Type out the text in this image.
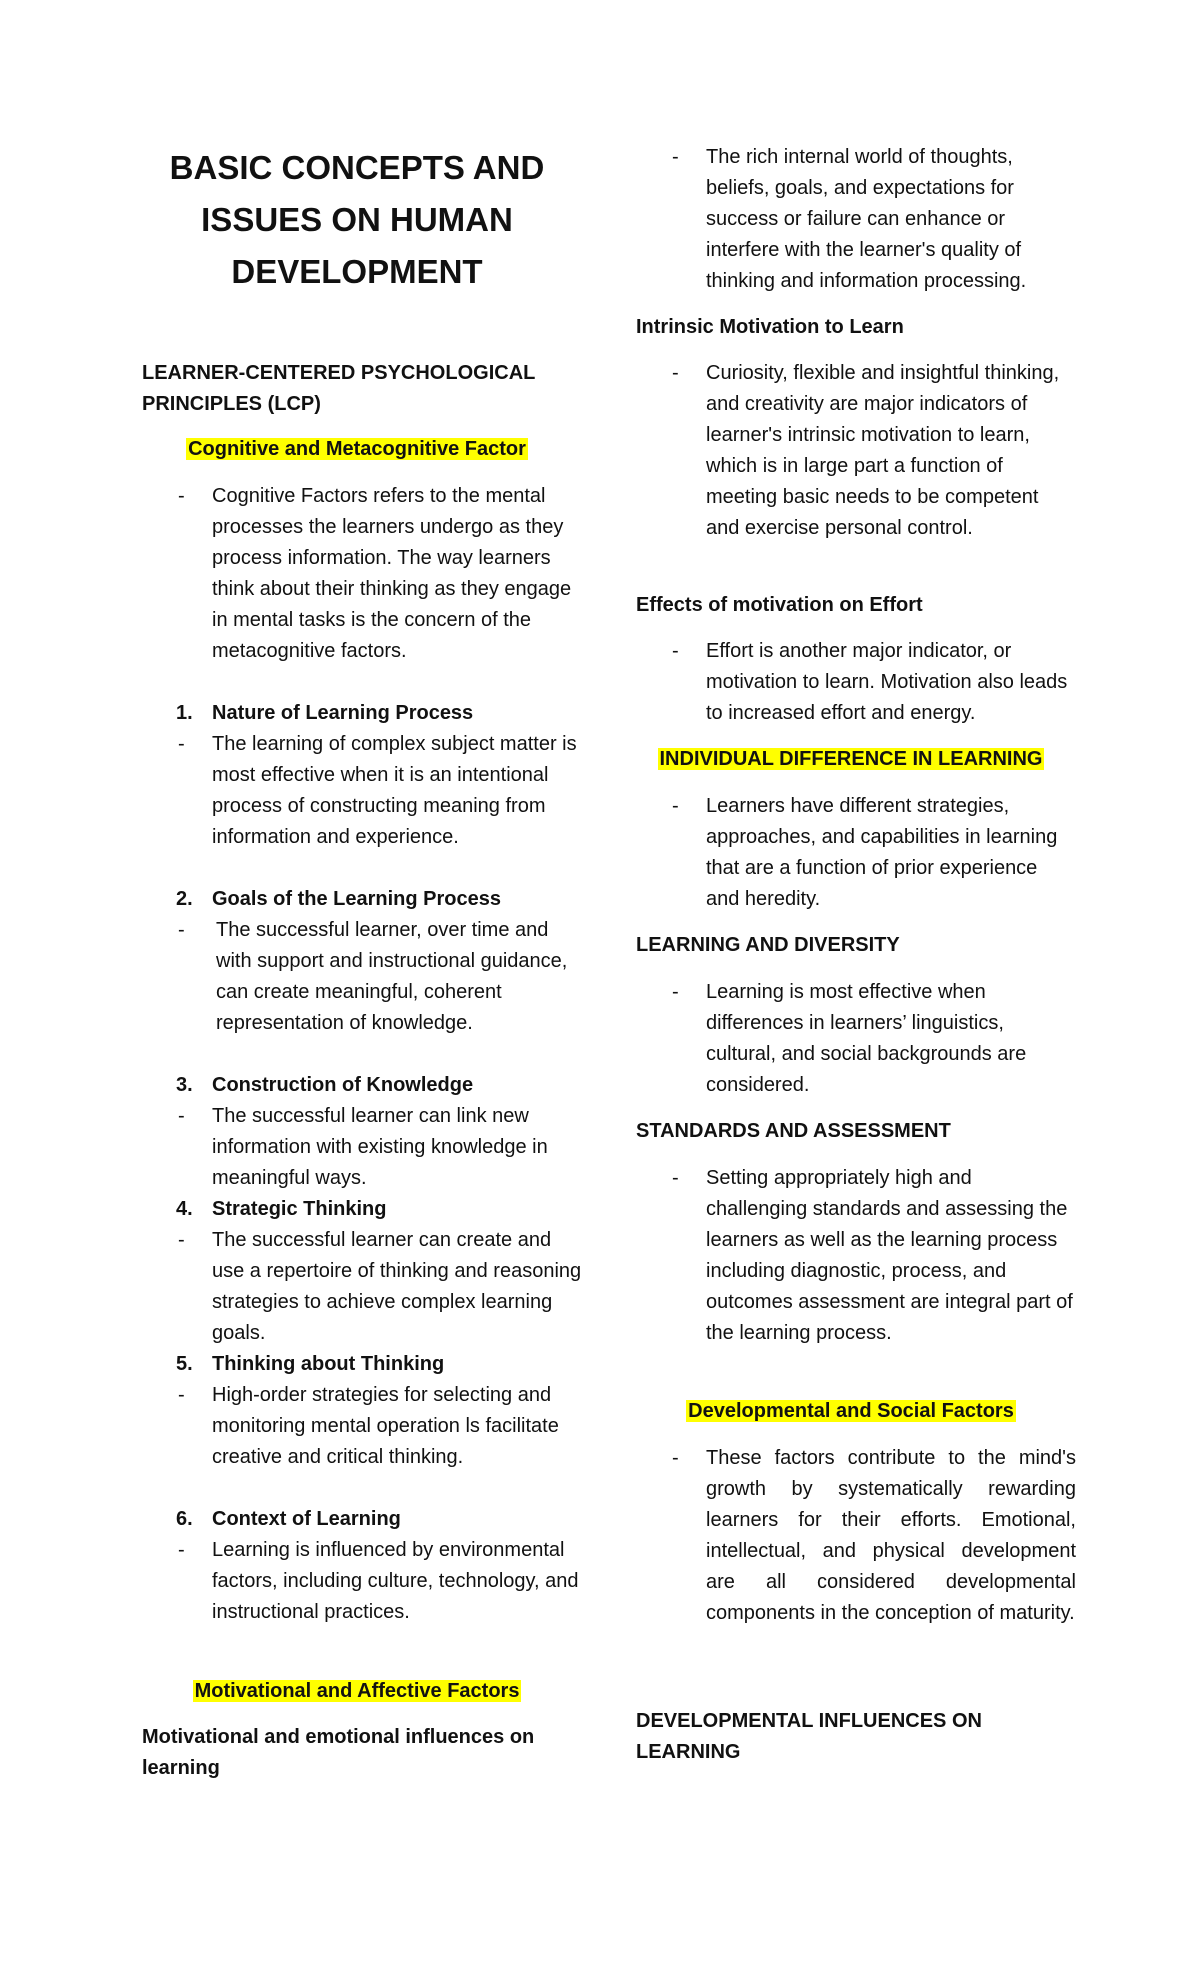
BASIC CONCEPTS AND ISSUES ON HUMAN DEVELOPMENT
LEARNER-CENTERED PSYCHOLOGICAL PRINCIPLES (LCP)
Cognitive and Metacognitive Factor
-	Cognitive Factors refers to the mental processes the learners undergo as they process information. The way learners think about their thinking as they engage in mental tasks is the concern of the metacognitive factors.
1. Nature of Learning Process
-	The learning of complex subject matter is most effective when it is an intentional process of constructing meaning from information and experience.
2. Goals of the Learning Process
-	The successful learner, over time and with support and instructional guidance, can create meaningful, coherent representation of knowledge.
3. Construction of Knowledge
-	The successful learner can link new information with existing knowledge in meaningful ways.
4. Strategic Thinking
-	The successful learner can create and use a repertoire of thinking and reasoning strategies to achieve complex learning goals.
5. Thinking about Thinking
-	High-order strategies for selecting and monitoring mental operation ls facilitate creative and critical thinking.
6. Context of Learning
-	Learning is influenced by environmental factors, including culture, technology, and instructional practices.
Motivational and Affective Factors
Motivational and emotional influences on learning
-	The rich internal world of thoughts, beliefs, goals, and expectations for success or failure can enhance or interfere with the learner's quality of thinking and information processing.
Intrinsic Motivation to Learn
-	Curiosity, flexible and insightful thinking, and creativity are major indicators of learner's intrinsic motivation to learn, which is in large part a function of meeting basic needs to be competent and exercise personal control.
Effects of motivation on Effort
-	Effort is another major indicator, or motivation to learn. Motivation also leads to increased effort and energy.
INDIVIDUAL DIFFERENCE IN LEARNING
-	Learners have different strategies, approaches, and capabilities in learning that are a function of prior experience and heredity.
LEARNING AND DIVERSITY
-	Learning is most effective when differences in learners’ linguistics, cultural, and social backgrounds are considered.
STANDARDS AND ASSESSMENT
-	Setting appropriately high and challenging standards and assessing the learners as well as the learning process including diagnostic, process, and outcomes assessment are integral part of the learning process.
Developmental and Social Factors
-	These factors contribute to the mind's growth by systematically rewarding learners for their efforts. Emotional, intellectual, and physical development are all considered developmental components in the conception of maturity.
DEVELOPMENTAL INFLUENCES ON LEARNING
